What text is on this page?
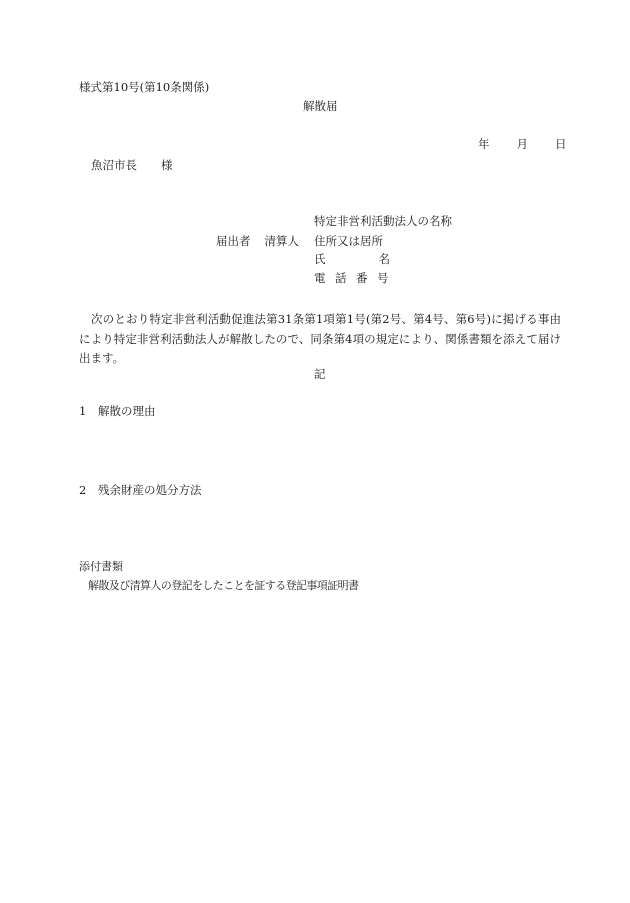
様式第10号(第10条関係)
解散届
年 月 日
魚沼市長 様
届出者 清算人
特定非営利活動法人の名称
住所又は居所
氏	名
電話番号
次のとおり特定非営利活動促進法第31条第1項第1号(第2号、第4号、第6号)に掲げる事由により特定非営利活動法人が解散したので、同条第4項の規定により、関係書類を添えて届け出ます。
記
1 解散の理由
2 残余財産の処分方法
添付書類
解散及び清算人の登記をしたことを証する登記事項証明書
